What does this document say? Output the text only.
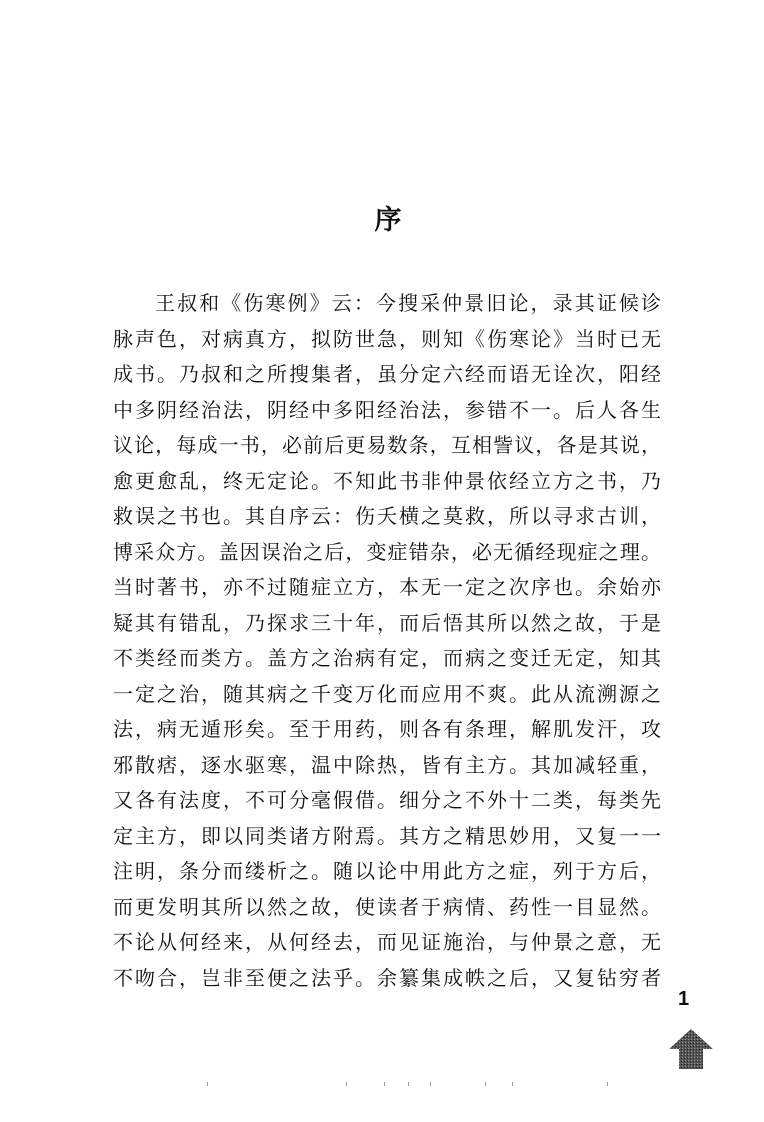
序
王叔和《伤寒例》云：今搜采仲景旧论，录其证候诊
脉声色，对病真方，拟防世急，则知《伤寒论》当时已无
成书。乃叔和之所搜集者，虽分定六经而语无诠次，阳经
中多阴经治法，阴经中多阳经治法，参错不一。后人各生
议论，每成一书，必前后更易数条，互相訾议，各是其说，
愈更愈乱，终无定论。不知此书非仲景依经立方之书，乃
救误之书也。其自序云：伤夭横之莫救，所以寻求古训，
博采众方。盖因误治之后，变症错杂，必无循经现症之理。
当时著书，亦不过随症立方，本无一定之次序也。余始亦
疑其有错乱，乃探求三十年，而后悟其所以然之故，于是
不类经而类方。盖方之治病有定，而病之变迁无定，知其
一定之治，随其病之千变万化而应用不爽。此从流溯源之
法，病无遁形矣。至于用药，则各有条理，解肌发汗，攻
邪散痞，逐水驱寒，温中除热，皆有主方。其加减轻重，
又各有法度，不可分毫假借。细分之不外十二类，每类先
定主方，即以同类诸方附焉。其方之精思妙用，又复一一
注明，条分而缕析之。随以论中用此方之症，列于方后，
而更发明其所以然之故，使读者于病情、药性一目显然。
不论从何经来，从何经去，而见证施治，与仲景之意，无
不吻合，岂非至便之法乎。余纂集成帙之后，又复钻穷者
1
